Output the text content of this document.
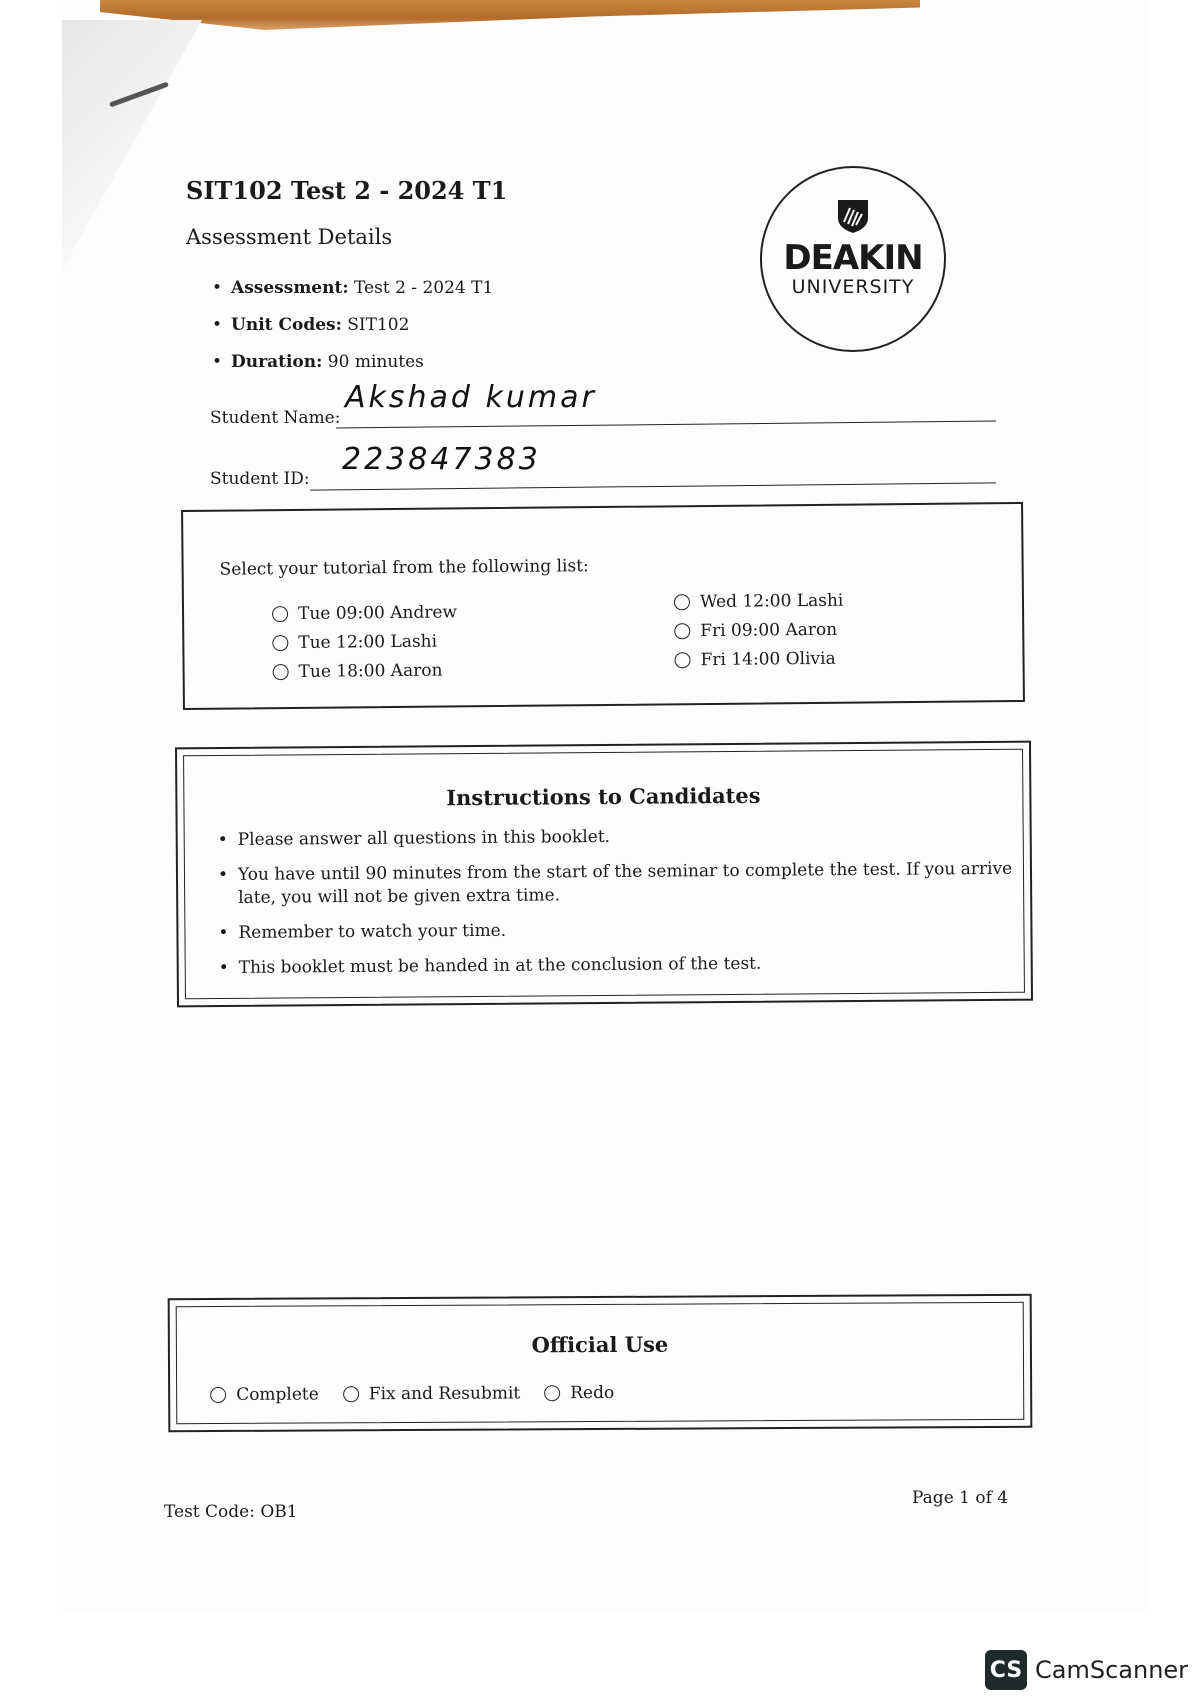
SIT102 Test 2 - 2024 T1
Assessment Details
• Assessment: Test 2 - 2024 T1
• Unit Codes: SIT102
• Duration: 90 minutes
DEAKIN
UNIVERSITY
Student Name:
Akshad kumar
Student ID:
223847383
Select your tutorial from the following list:
Tue 09:00 Andrew
Tue 12:00 Lashi
Tue 18:00 Aaron
Wed 12:00 Lashi
Fri 09:00 Aaron
Fri 14:00 Olivia
Instructions to Candidates
• Please answer all questions in this booklet.
• You have until 90 minutes from the start of the seminar to complete the test. If you arrive late, you will not be given extra time.
• Remember to watch your time.
• This booklet must be handed in at the conclusion of the test.
Official Use
Complete	Fix and Resubmit	Redo
Test Code: OB1
Page 1 of 4
CS CamScanner
